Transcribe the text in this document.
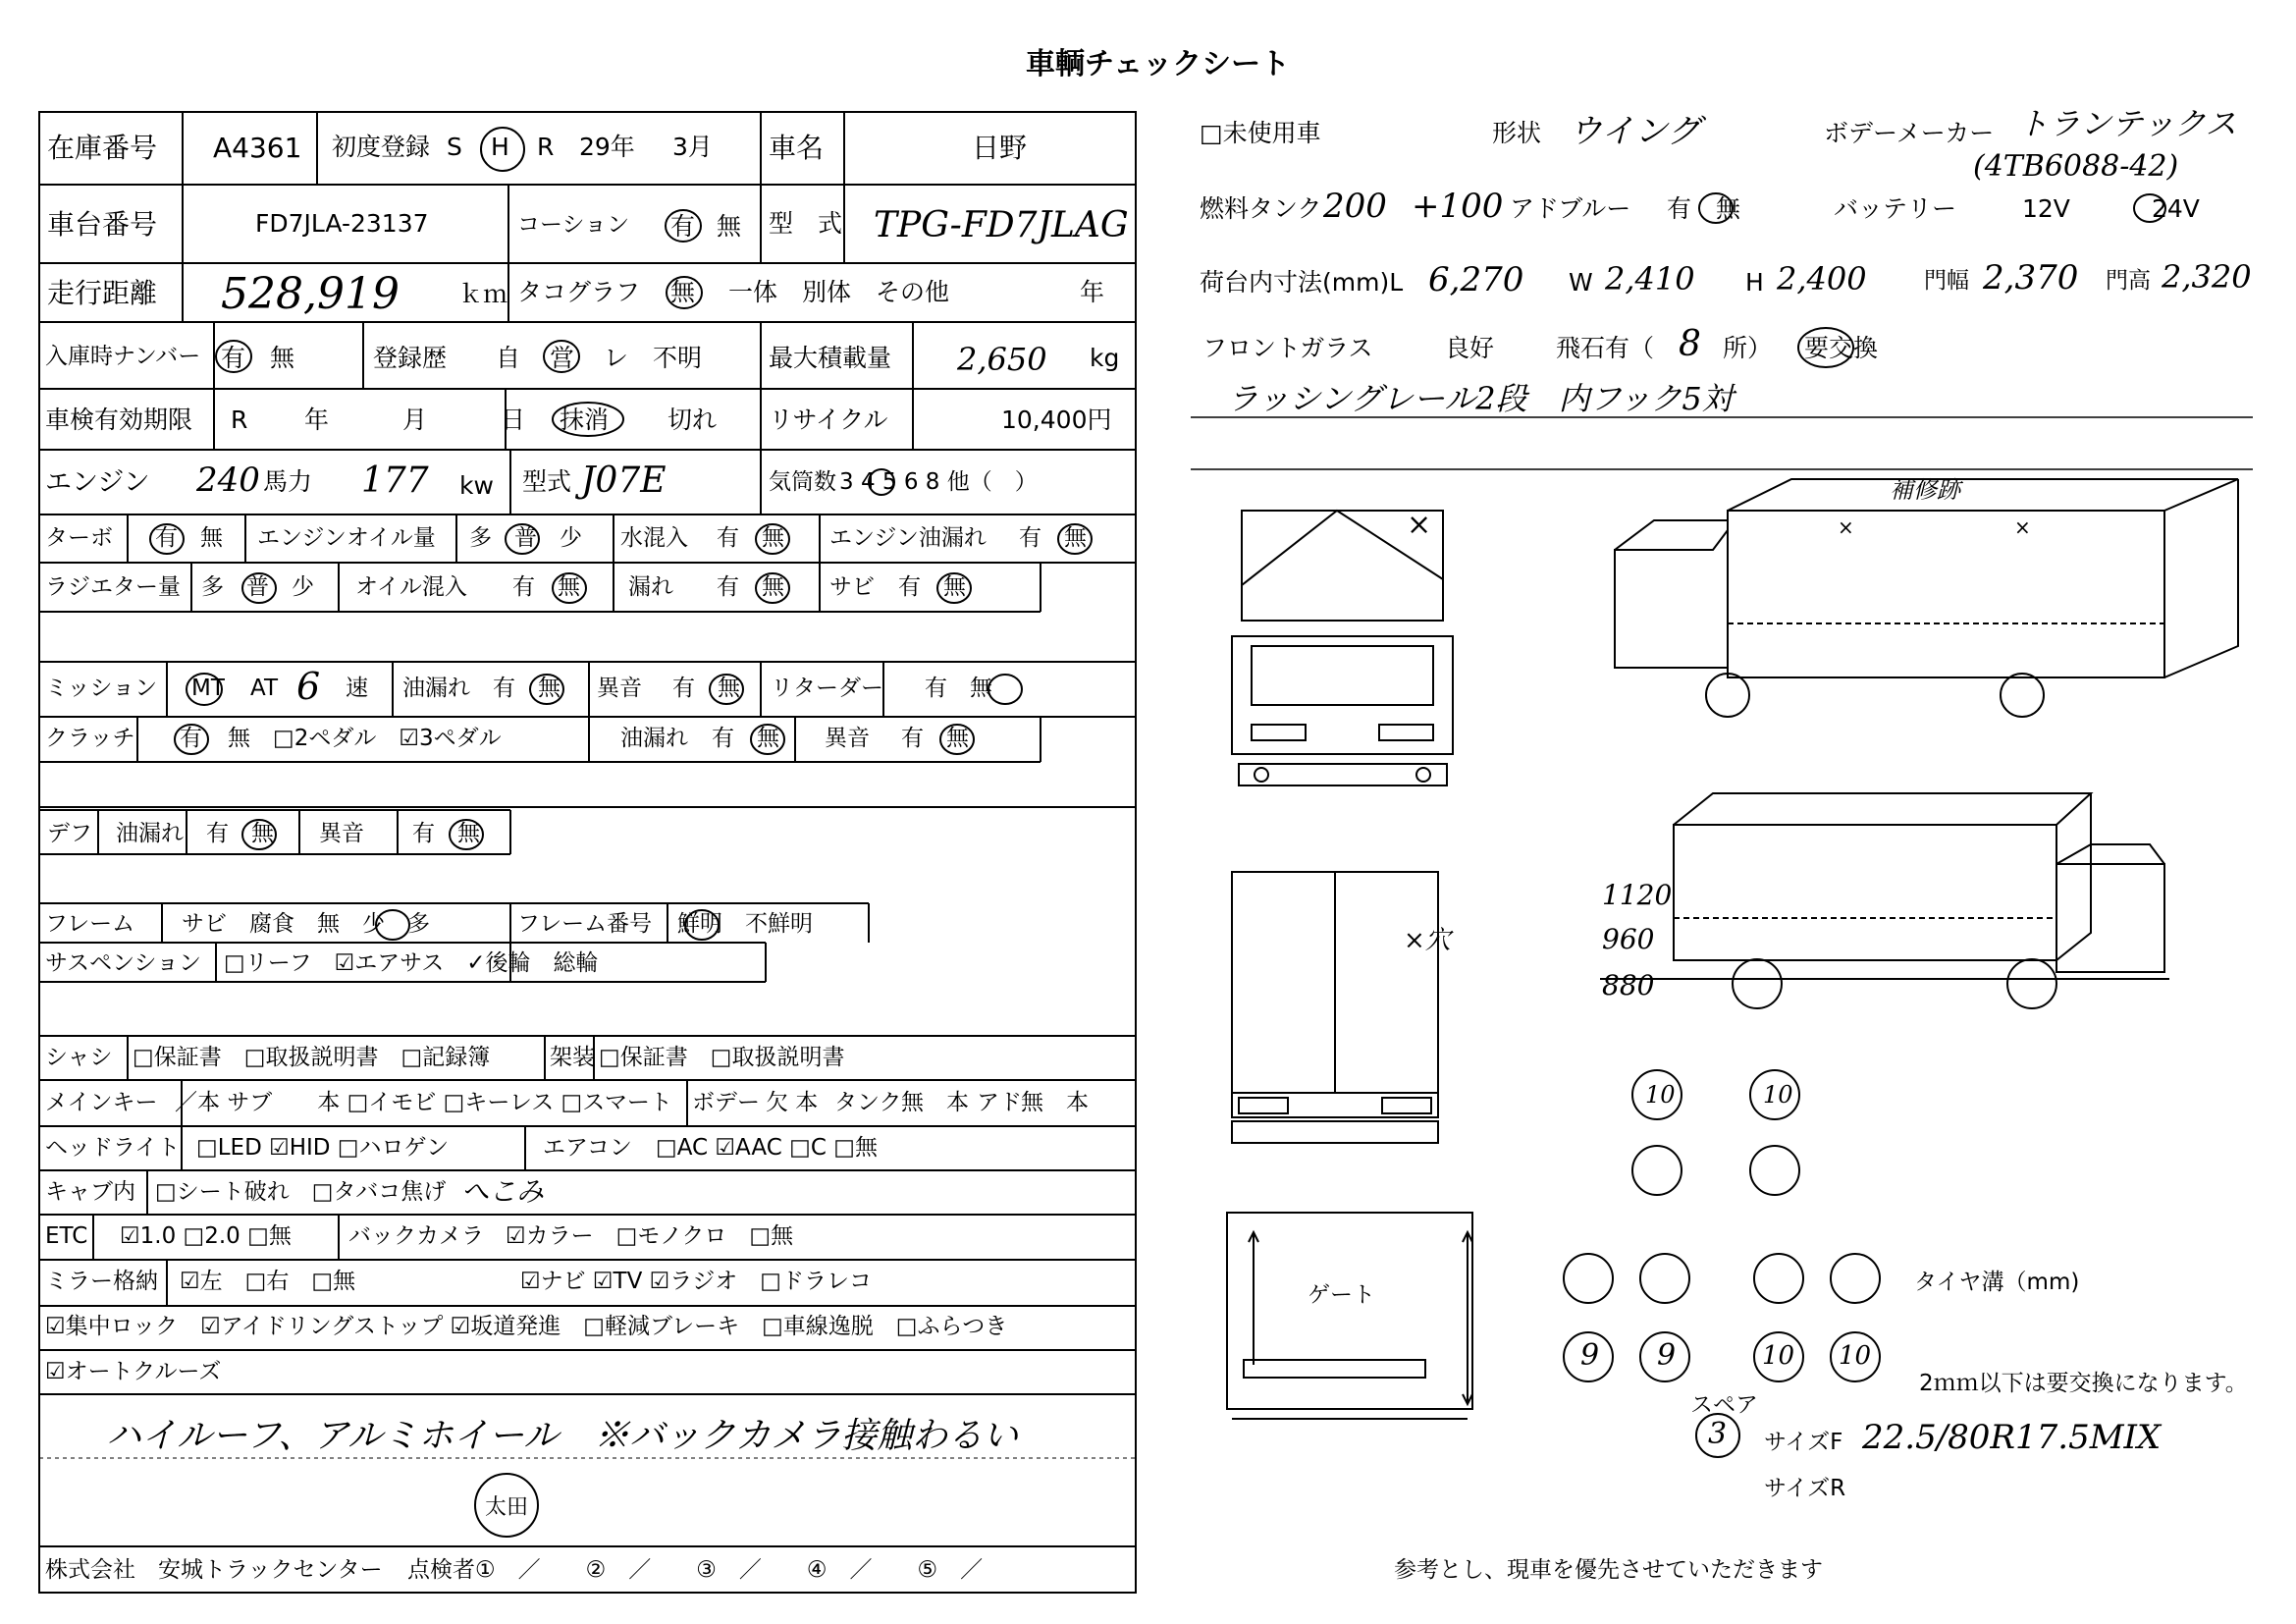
車輌チェックシート
在庫番号 A4361 初度登録 S H R 29年 3月 車名	日野
車台番号	FD7JLA-23137	コーション 有 無 型　式 TPG-FD7JLAG
走行距離 528,919 ｋｍ タコグラフ 無 一体　別体　その他	年
入庫時ナンバー 有 無	登録歴 自 営 レ 不明	最大積載量 2,650 kg
車検有効期限 R 年　　　月　　　日 抹消 切れ リサイクル	10,400円
エンジン 240 馬力 177 kw 型式 J07E	気筒数 3 4 5 6 8 他（　）
ターボ 有　無 エンジンオイル量 多　普　少 水混入 有　無 エンジン油漏れ 有　無
ラジエター量 多　普　少 オイル混入 有　無 漏れ 有　無 サビ 有　無
ミッション MT AT 6 速 油漏れ 有　無 異音 有　無 リターダー 有　無
クラッチ 有 無　□2ペダル　☑3ペダル	油漏れ 有　無 異音 有　無
デフ 油漏れ 有　無 異音 有　無
フレーム サビ　腐食　無　少　多	フレーム番号 鮮明　不鮮明
サスペンション □リーフ　☑エアサス　✓後輪　総輪
シャシ □保証書　□取扱説明書　□記録簿	架装 □保証書　□取扱説明書
メインキー ／本 サブ　　本 □イモビ □キーレス □スマート ボデー 欠 本 タンク 無　本 アド 無　本
ヘッドライト □LED ☑HID □ハロゲン	エアコン □AC ☑AAC □C □無
キャブ内 □シート破れ　□タバコ焦げ へこみ
ETC ☑1.0 □2.0 □無	バックカメラ ☑カラー　□モノクロ　□無
ミラー格納 ☑左　□右　□無	☑ナビ ☑TV ☑ラジオ　□ドラレコ
☑集中ロック　☑アイドリングストップ ☑坂道発進　□軽減ブレーキ　□車線逸脱　□ふらつき
☑オートクルーズ
ハイルーフ、アルミホイール　※バックカメラ接触わるい
太田
株式会社　安城トラックセンター 点検者①　／　　②　／　　③　／　　④　／　　⑤　／
□未使用車	形状 ウイング	ボデーメーカー トランテックス
(4TB6088-42)
燃料タンク 200 +100 アドブルー 有　無	バッテリー	12V	24V
荷台内寸法(mm)L 6,270 W 2,410 H 2,400	門幅 2,370 門高 2,320
フロントガラス	良好	飛石有（ 8 所） 要交換
ラッシングレール2段　内フック5対
×
補修跡
×	×
×穴
1120
960
880
ゲート
10	10
9 9	10 10
タイヤ溝（mm)
2ｍｍ以下は要交換になります。
スペア
3 サイズF 22.5/80R17.5MIX
サイズR
参考とし、現車を優先させていただきます
